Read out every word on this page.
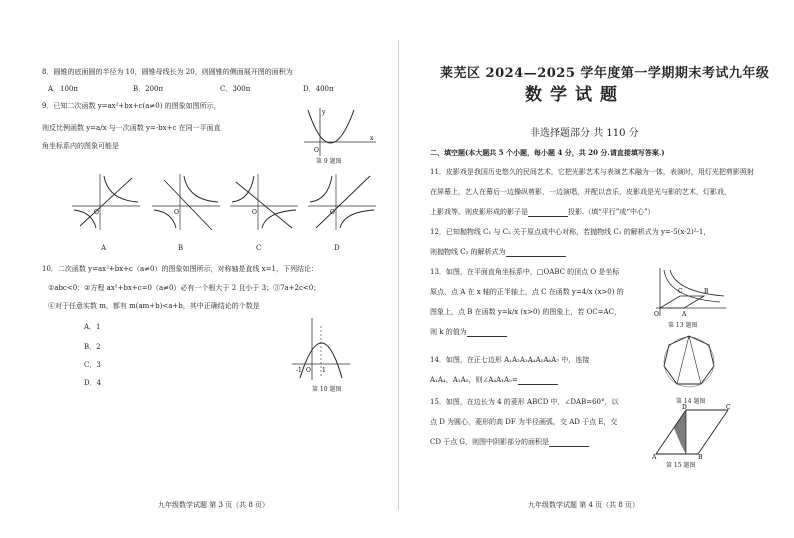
8．圆锥的底面圆的半径为 10，圆锥母线长为 20，则圆锥的侧面展开图的面积为
A．100π	B．200π	C．300π	D．400π
9．已知二次函数 y=ax²+bx+c(a≠0) 的图象如图所示，
则反比例函数 y=a/x 与一次函数 y=-bx+c 在同一平面直
角坐标系内的图象可能是
O
x
y
第 9 题图
O	O	O	O
A	B	C	D
10．二次函数 y=ax²+bx+c（a≠0）的图象如图所示，对称轴是直线 x=1，下列结论：
①abc<0；②方程 ax²+bx+c=0（a≠0）必有一个根大于 2 且小于 3；③7a+2c<0；
④对于任意实数 m，都有 m(am+b)<a+b，其中正确结论的个数是
A．1
B．2
C．3
D．4
-1 O 1
第 10 题图
九年级数学试题 第 3 页（共 8 页）
莱芜区 2024—2025 学年度第一学期期末考试九年级
数学试题
非选择题部分 共 110 分
二、填空题(本大题共 5 个小题，每小题 4 分，共 20 分.请直接填写答案.)
11．皮影戏是我国历史悠久的民间艺术，它把光影艺术与表演艺术融为一体，表演时，用灯光把剪影照射
在屏幕上，艺人在幕后一边操纵剪影，一边演唱，并配以音乐，皮影戏是光与影的艺术，灯影戏，
上影戏等。则皮影形成的影子是	投影.（填“平行”或“中心”）
12．已知抛物线 C₁ 与 C₂ 关于原点成中心对称，若抛物线 C₁ 的解析式为 y=-5(x-2)²-1，
则抛物线 C₂ 的解析式为
13．如图，在平面直角坐标系中，□OABC 的顶点 O 是坐标
原点，点 A 在 x 轴的正半轴上，点 C 在函数 y=4/x (x>0) 的
图象上，点 B 在函数 y=k/x (x>0) 的图象上，若 OC=AC，
则 k 的值为
O	A
C	B
第 13 题图
14．如图，在正七边形 A₁A₂A₃A₄A₅A₆A₇ 中，连接
A₁A₄，A₁A₅，则∠A₄A₁A₅=
第 14 题图
15．如图，在边长为 4 的菱形 ABCD 中，∠DAB=60°，以
点 D 为圆心，菱形的高 DF 为半径画弧，交 AD 于点 E，交
CD 于点 G，则图中阴影部分的面积是
A	B
D	C
第 15 题图
九年级数学试题 第 4 页（共 8 页）
